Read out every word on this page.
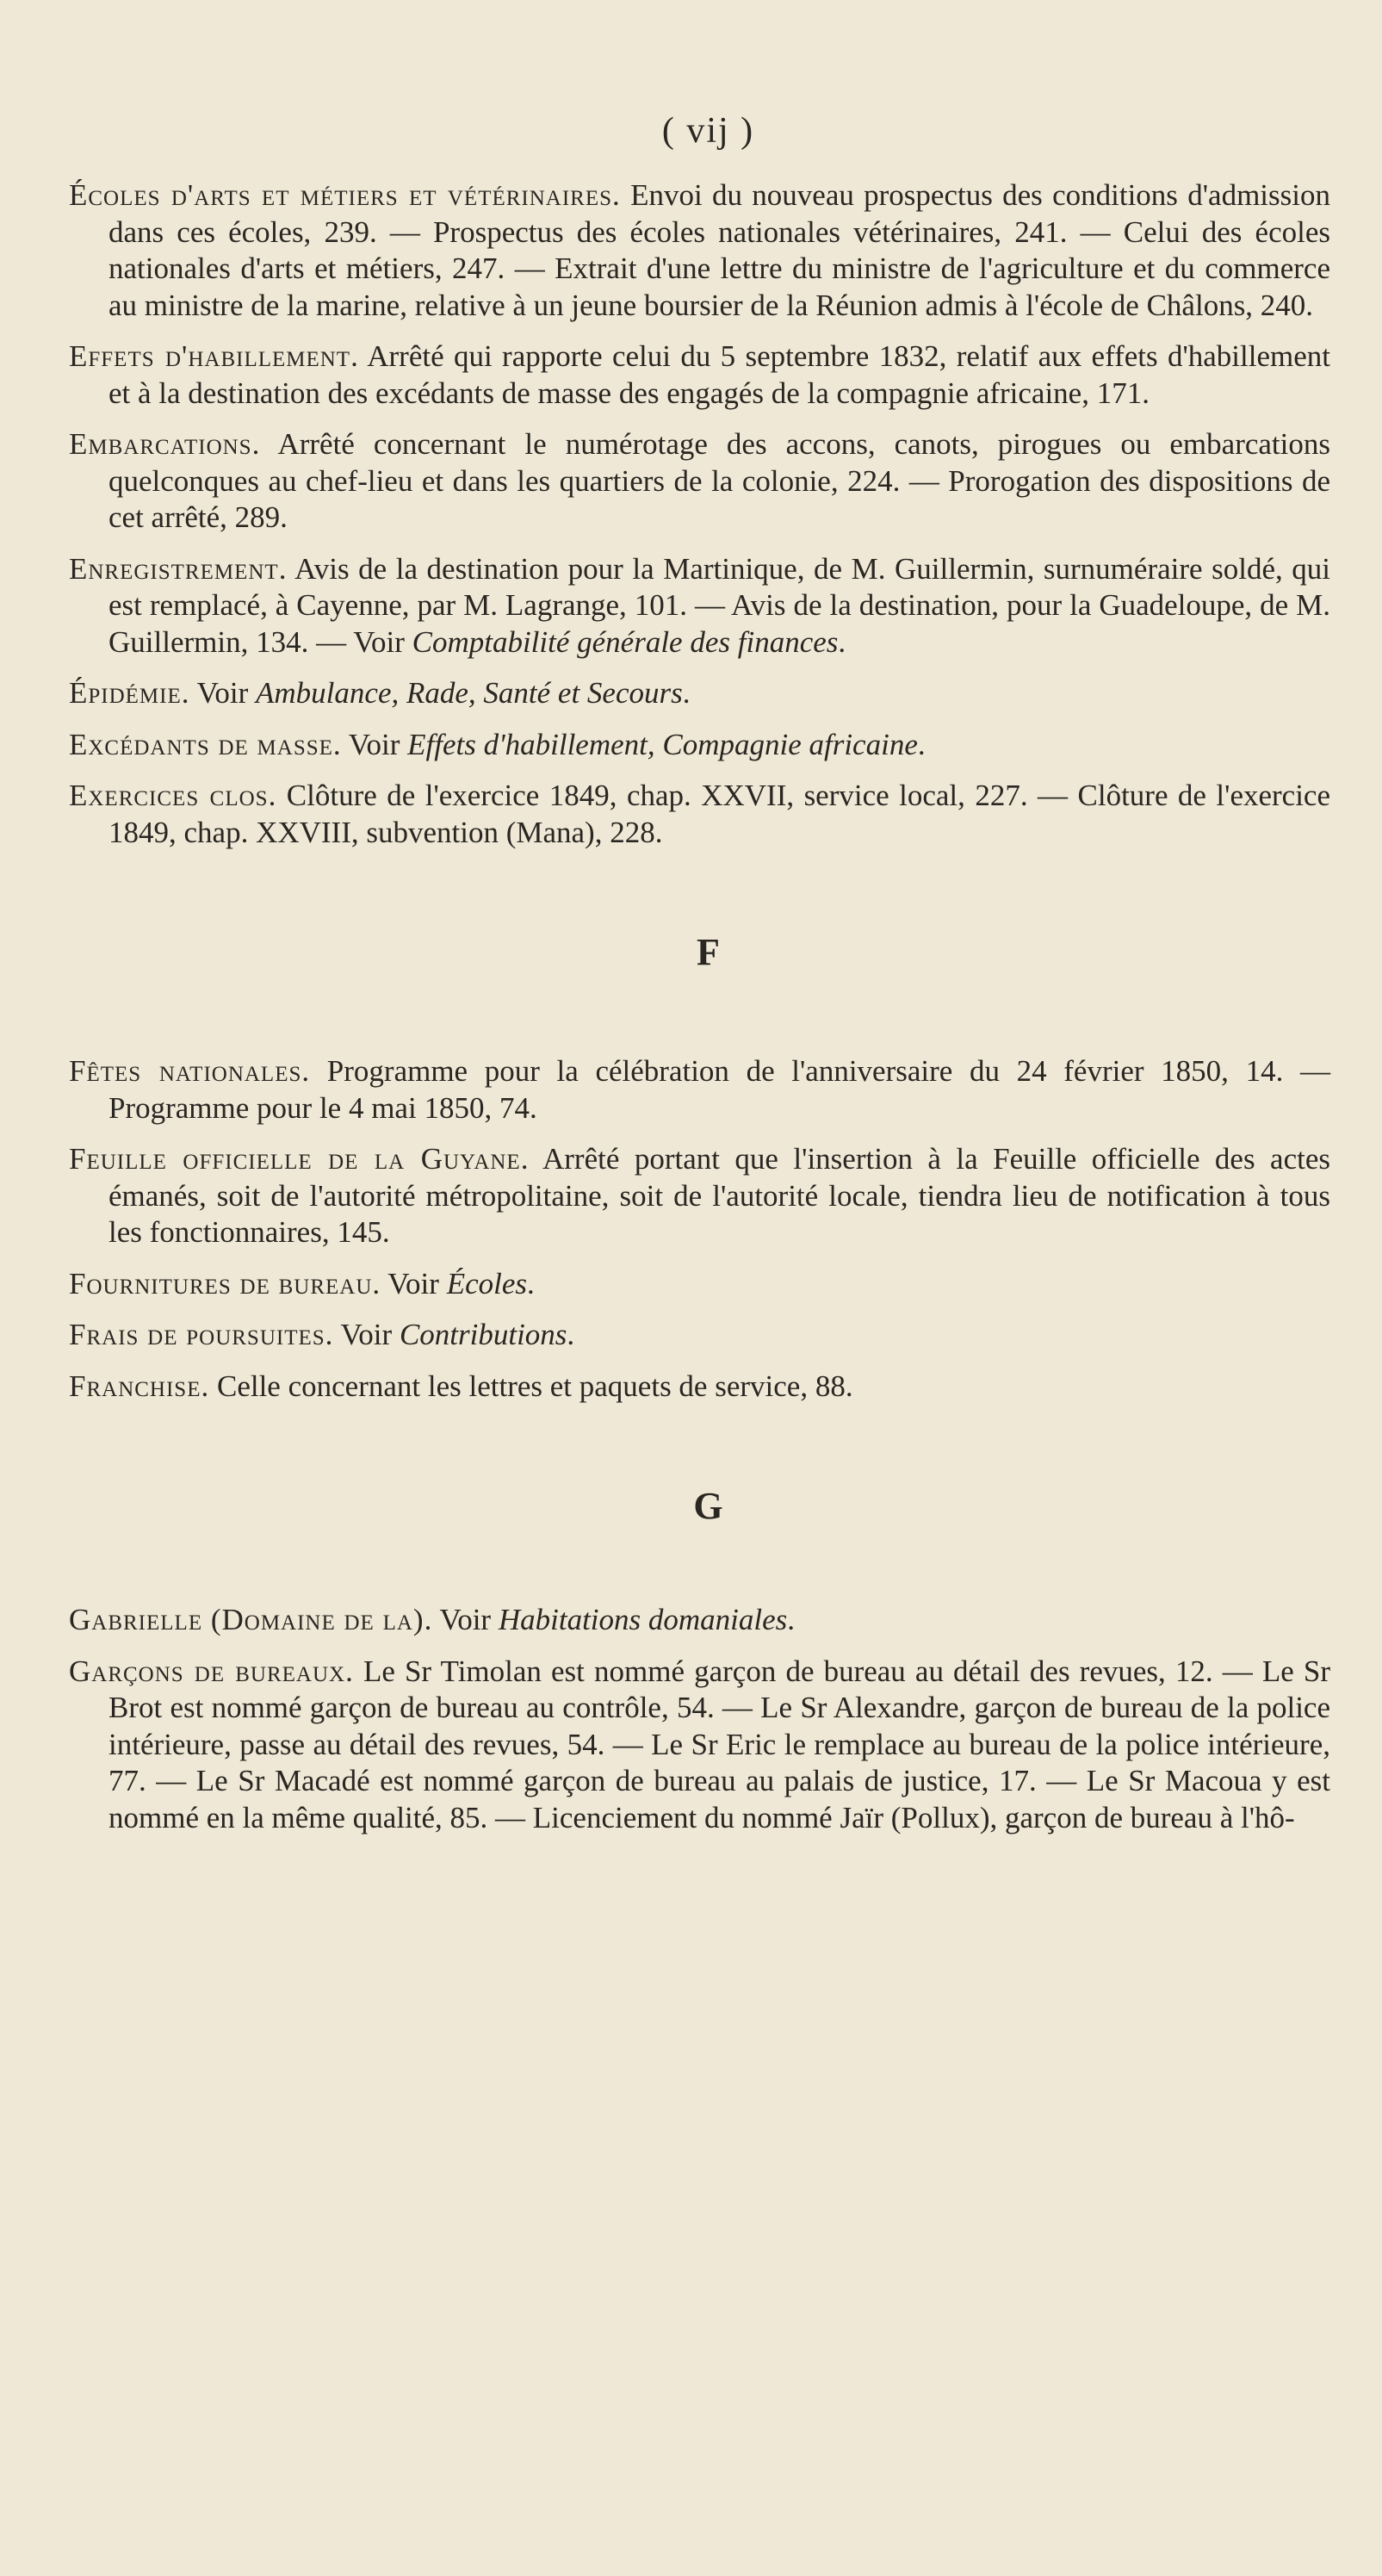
( vij )
Écoles d'arts et métiers et vétérinaires. Envoi du nouveau prospectus des conditions d'admission dans ces écoles, 239. — Prospectus des écoles nationales vétérinaires, 241. — Celui des écoles nationales d'arts et métiers, 247. — Extrait d'une lettre du ministre de l'agriculture et du commerce au ministre de la marine, relative à un jeune boursier de la Réunion admis à l'école de Châlons, 240.
Effets d'habillement. Arrêté qui rapporte celui du 5 septembre 1832, relatif aux effets d'habillement et à la destination des excédants de masse des engagés de la compagnie africaine, 171.
Embarcations. Arrêté concernant le numérotage des accons, canots, pirogues ou embarcations quelconques au chef-lieu et dans les quartiers de la colonie, 224. — Prorogation des dispositions de cet arrêté, 289.
Enregistrement. Avis de la destination pour la Martinique, de M. Guillermin, surnuméraire soldé, qui est remplacé, à Cayenne, par M. Lagrange, 101. — Avis de la destination, pour la Guadeloupe, de M. Guillermin, 134. — Voir Comptabilité générale des finances.
Épidémie. Voir Ambulance, Rade, Santé et Secours.
Excédants de masse. Voir Effets d'habillement, Compagnie africaine.
Exercices clos. Clôture de l'exercice 1849, chap. XXVII, service local, 227. — Clôture de l'exercice 1849, chap. XXVIII, subvention (Mana), 228.
F
Fêtes nationales. Programme pour la célébration de l'anniversaire du 24 février 1850, 14. — Programme pour le 4 mai 1850, 74.
Feuille officielle de la Guyane. Arrêté portant que l'insertion à la Feuille officielle des actes émanés, soit de l'autorité métropolitaine, soit de l'autorité locale, tiendra lieu de notification à tous les fonctionnaires, 145.
Fournitures de bureau. Voir Écoles.
Frais de poursuites. Voir Contributions.
Franchise. Celle concernant les lettres et paquets de service, 88.
G
Gabrielle (Domaine de la). Voir Habitations domaniales.
Garçons de bureaux. Le Sr Timolan est nommé garçon de bureau au détail des revues, 12. — Le Sr Brot est nommé garçon de bureau au contrôle, 54. — Le Sr Alexandre, garçon de bureau de la police intérieure, passe au détail des revues, 54. — Le Sr Eric le remplace au bureau de la police intérieure, 77. — Le Sr Macadé est nommé garçon de bureau au palais de justice, 17. — Le Sr Macoua y est nommé en la même qualité, 85. — Licenciement du nommé Jaïr (Pollux), garçon de bureau à l'hô-
